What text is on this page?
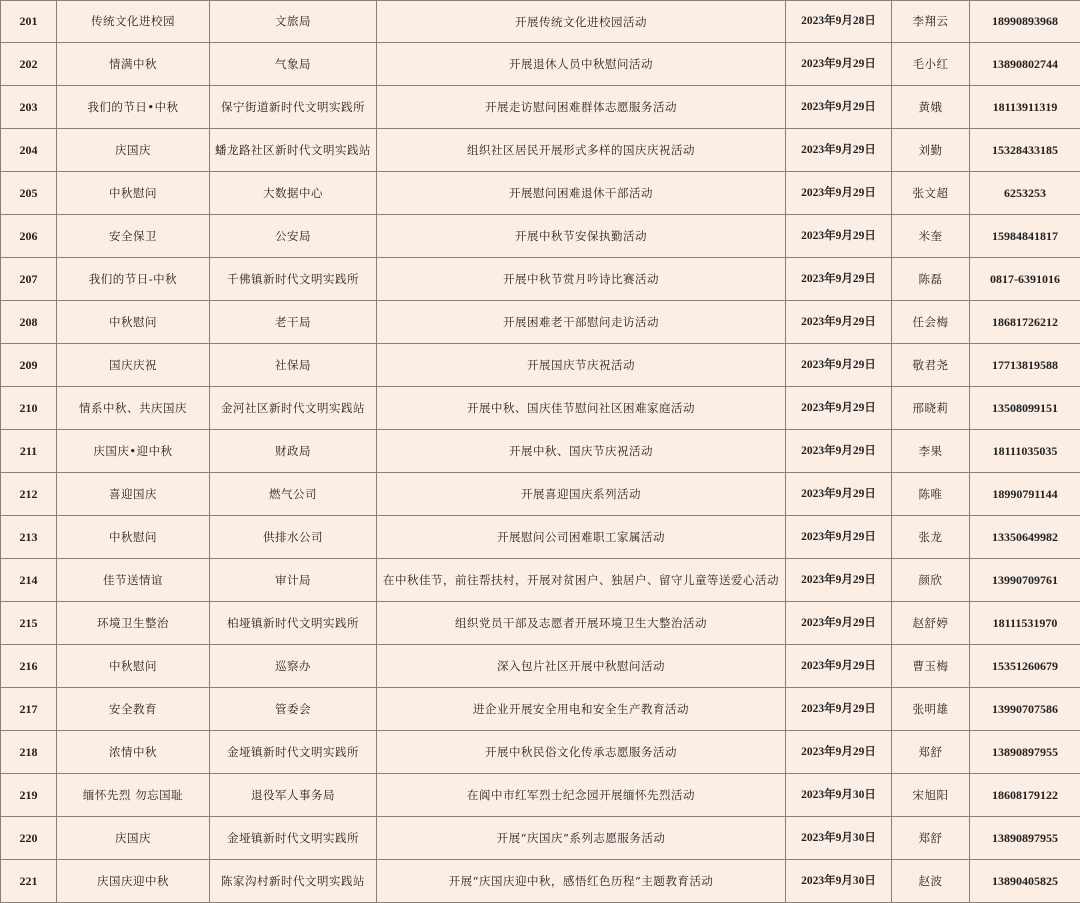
201	传统文化进校园	文旅局	开展传统文化进校园活动	2023年9月28日	李翔云	18990893968
202	情满中秋	气象局	开展退休人员中秋慰问活动	2023年9月29日	毛小红	13890802744
203	我们的节日•中秋	保宁街道新时代文明实践所	开展走访慰问困难群体志愿服务活动	2023年9月29日	黄娥	18113911319
204	庆国庆	蟠龙路社区新时代文明实践站	组织社区居民开展形式多样的国庆庆祝活动	2023年9月29日	刘勤	15328433185
205	中秋慰问	大数据中心	开展慰问困难退休干部活动	2023年9月29日	张文超	6253253
206	安全保卫	公安局	开展中秋节安保执勤活动	2023年9月29日	米奎	15984841817
207	我们的节日-中秋	千佛镇新时代文明实践所	开展中秋节赏月吟诗比赛活动	2023年9月29日	陈磊	0817-6391016
208	中秋慰问	老干局	开展困难老干部慰问走访活动	2023年9月29日	任会梅	18681726212
209	国庆庆祝	社保局	开展国庆节庆祝活动	2023年9月29日	敬君尧	17713819588
210	情系中秋、共庆国庆	金河社区新时代文明实践站	开展中秋、国庆佳节慰问社区困难家庭活动	2023年9月29日	邢晓莉	13508099151
211	庆国庆•迎中秋	财政局	开展中秋、国庆节庆祝活动	2023年9月29日	李果	18111035035
212	喜迎国庆	燃气公司	开展喜迎国庆系列活动	2023年9月29日	陈唯	18990791144
213	中秋慰问	供排水公司	开展慰问公司困难职工家属活动	2023年9月29日	张龙	13350649982
214	佳节送情谊	审计局	在中秋佳节，前往帮扶村，开展对贫困户、独居户、留守儿童等送爱心活动	2023年9月29日	颜欣	13990709761
215	环境卫生整治	柏垭镇新时代文明实践所	组织党员干部及志愿者开展环境卫生大整治活动	2023年9月29日	赵舒婷	18111531970
216	中秋慰问	巡察办	深入包片社区开展中秋慰问活动	2023年9月29日	曹玉梅	15351260679
217	安全教育	管委会	进企业开展安全用电和安全生产教育活动	2023年9月29日	张明雄	13990707586
218	浓情中秋	金垭镇新时代文明实践所	开展中秋民俗文化传承志愿服务活动	2023年9月29日	郑舒	13890897955
219	缅怀先烈 勿忘国耻	退役军人事务局	在阆中市红军烈士纪念园开展缅怀先烈活动	2023年9月30日	宋旭阳	18608179122
220	庆国庆	金垭镇新时代文明实践所	开展“庆国庆”系列志愿服务活动	2023年9月30日	郑舒	13890897955
221	庆国庆迎中秋	陈家沟村新时代文明实践站	开展“庆国庆迎中秋，感悟红色历程”主题教育活动	2023年9月30日	赵波	13890405825
